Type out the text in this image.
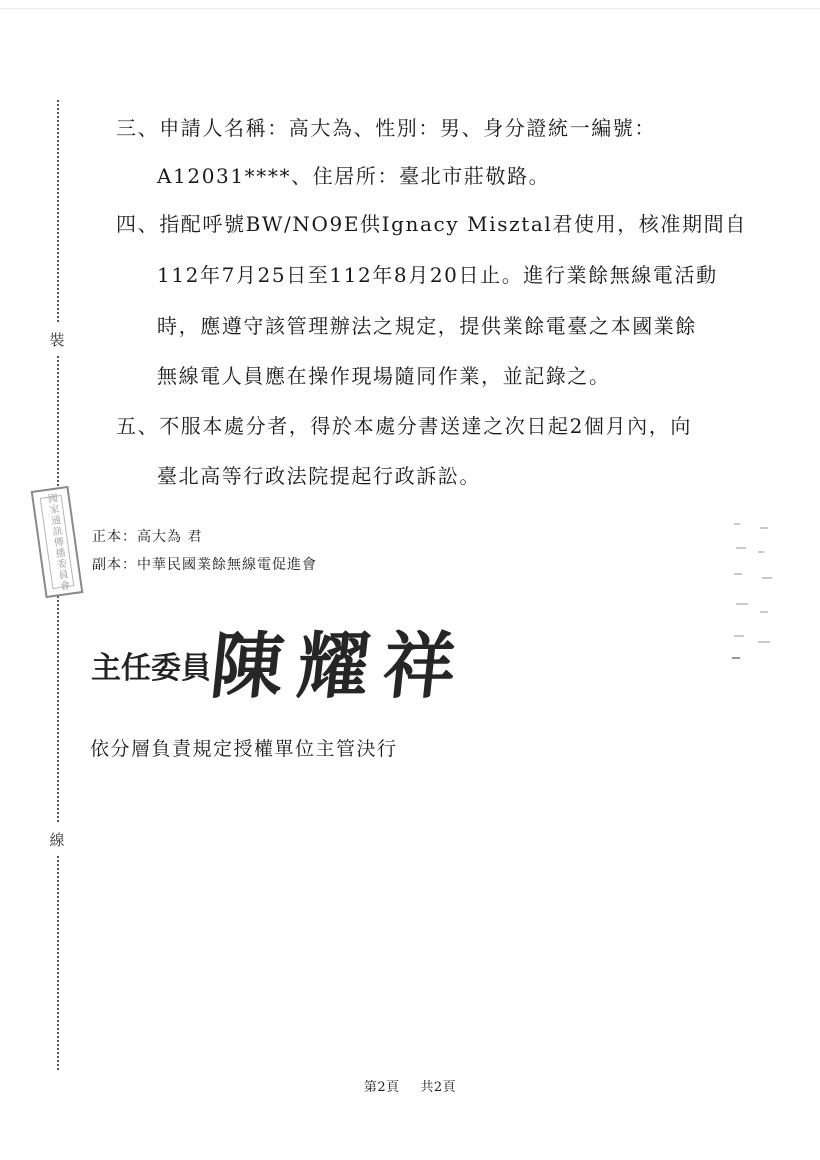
裝
線
國家通訊傳播委員會
三、申請人名稱：高大為、性別：男、身分證統一編號：
A12031****、住居所：臺北市莊敬路。
四、指配呼號BW/NO9E供Ignacy Misztal君使用，核准期間自
112年7月25日至112年8月20日止。進行業餘無線電活動
時，應遵守該管理辦法之規定，提供業餘電臺之本國業餘
無線電人員應在操作現場隨同作業，並記錄之。
五、不服本處分者，得於本處分書送達之次日起2個月內，向
臺北高等行政法院提起行政訴訟。
正本：高大為 君
副本：中華民國業餘無線電促進會
主任委員
陳耀祥
依分層負責規定授權單位主管決行
第2頁 共2頁
